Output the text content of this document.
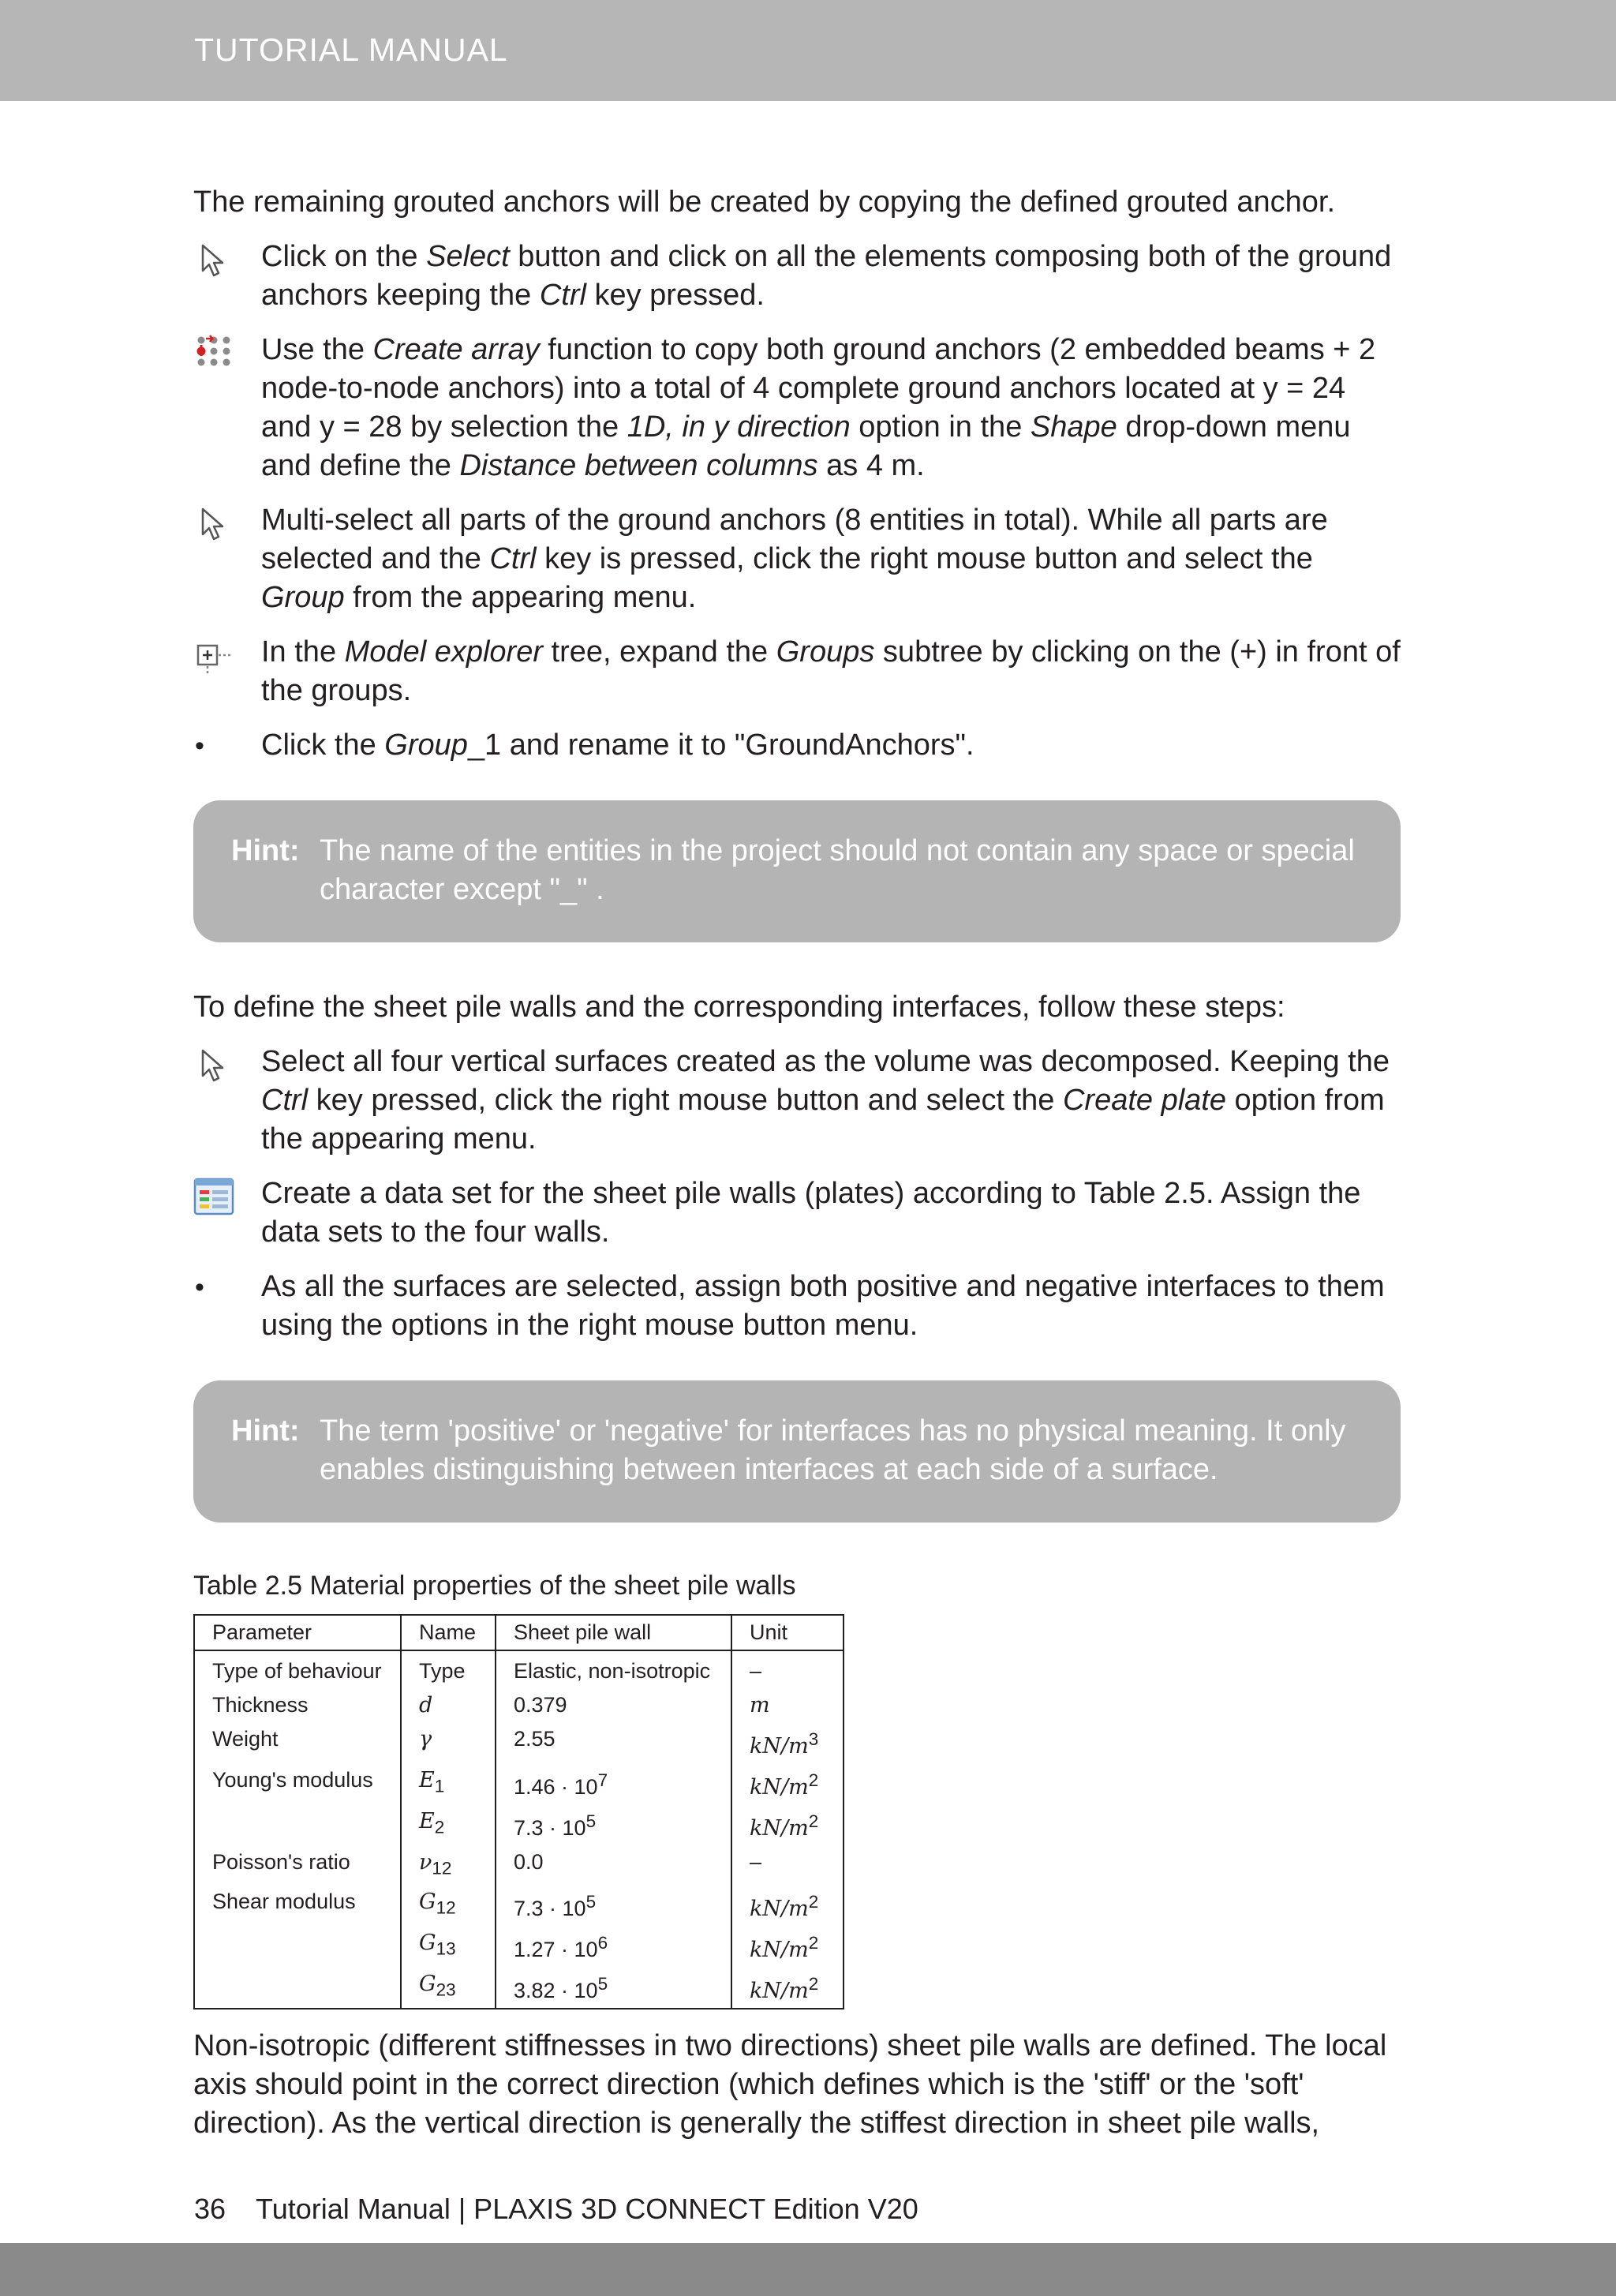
TUTORIAL MANUAL

The remaining grouted anchors will be created by copying the defined grouted anchor.

Click on the Select button and click on all the elements composing both of the ground anchors keeping the Ctrl key pressed.
Use the Create array function to copy both ground anchors (2 embedded beams + 2 node-to-node anchors) into a total of 4 complete ground anchors located at y = 24 and y = 28 by selection the 1D, in y direction option in the Shape drop-down menu and define the Distance between columns as 4 m.
Multi-select all parts of the ground anchors (8 entities in total). While all parts are selected and the Ctrl key is pressed, click the right mouse button and select the Group from the appearing menu.
In the Model explorer tree, expand the Groups subtree by clicking on the (+) in front of the groups.
•	Click the Group_1 and rename it to "GroundAnchors".
Hint: The name of the entities in the project should not contain any space or special character except "_" .

To define the sheet pile walls and the corresponding interfaces, follow these steps:

Select all four vertical surfaces created as the volume was decomposed. Keeping the Ctrl key pressed, click the right mouse button and select the Create plate option from the appearing menu.
Create a data set for the sheet pile walls (plates) according to Table 2.5. Assign the data sets to the four walls.
•	As all the surfaces are selected, assign both positive and negative interfaces to them using the options in the right mouse button menu.
Hint: The term 'positive' or 'negative' for interfaces has no physical meaning. It only enables distinguishing between interfaces at each side of a surface.
Table 2.5 Material properties of the sheet pile walls
Parameter	Name	Sheet pile wall	Unit
Type of behaviour	Type	Elastic, non-isotropic	–
Thickness	d	0.379	m
Weight	γ	2.55	$kN/m^3$
Young's modulus	$E_1$	$1.46 \cdot 10^7$	$kN/m^2$
	$E_2$	$7.3 \cdot 10^5$	$kN/m^2$
Poisson's ratio	$\nu_{12}$	0.0	–
Shear modulus	$G_{12}$	$7.3 \cdot 10^5$	$kN/m^2$
	$G_{13}$	$1.27 \cdot 10^6$	$kN/m^2$
	$G_{23}$	$3.82 \cdot 10^5$	$kN/m^2$

Non-isotropic (different stiffnesses in two directions) sheet pile walls are defined. The local axis should point in the correct direction (which defines which is the 'stiff' or the 'soft' direction). As the vertical direction is generally the stiffest direction in sheet pile walls,

36 Tutorial Manual | PLAXIS 3D CONNECT Edition V20
